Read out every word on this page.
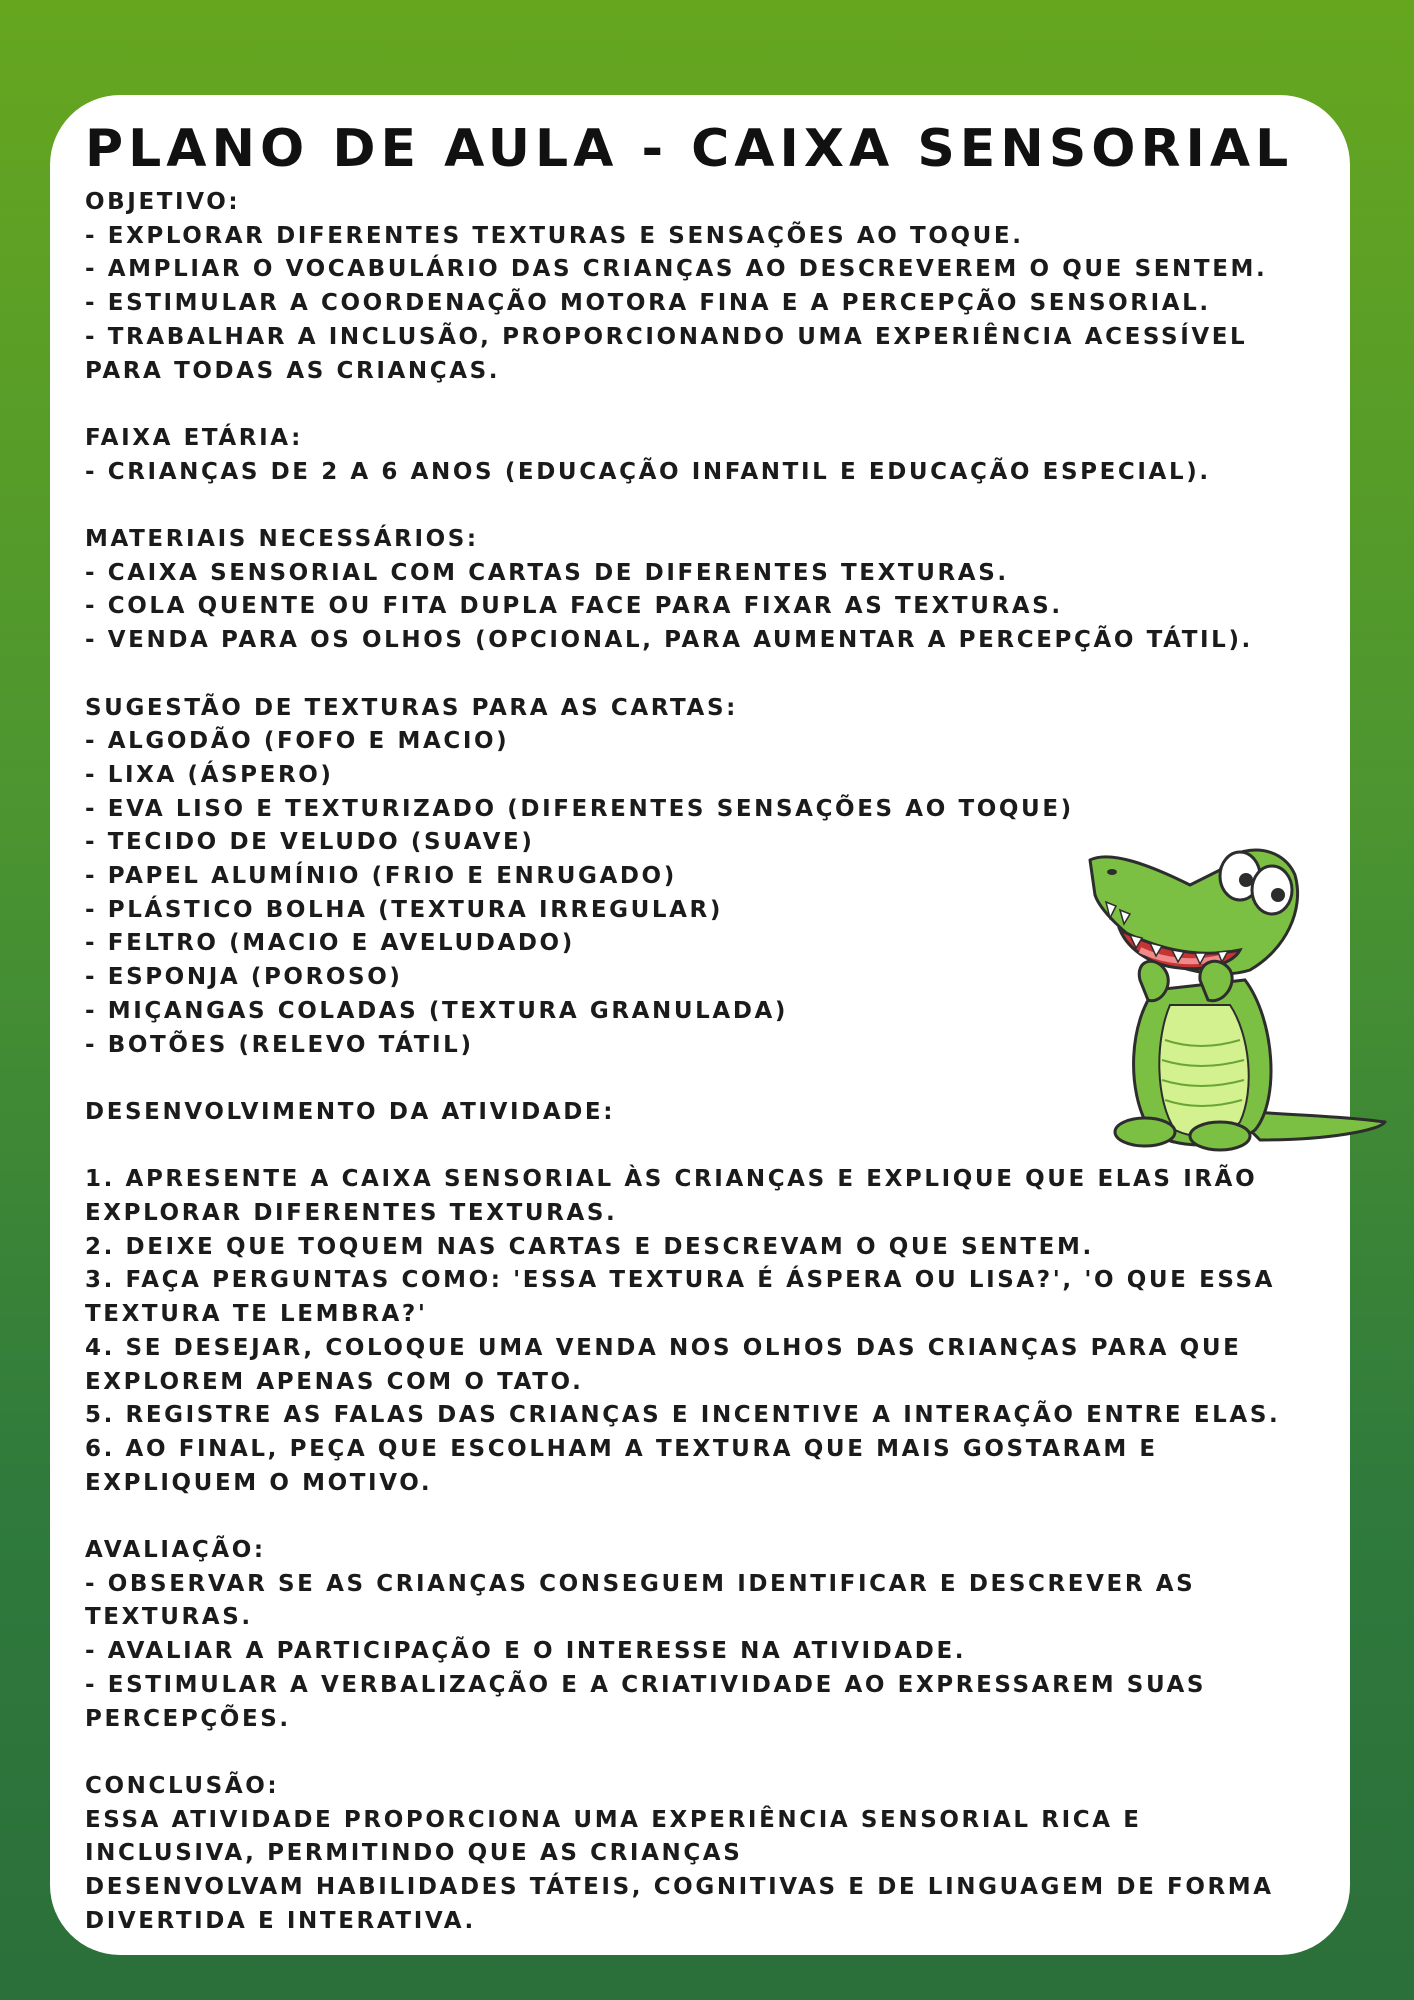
PLANO DE AULA - CAIXA SENSORIAL
OBJETIVO:
- EXPLORAR DIFERENTES TEXTURAS E SENSAÇÕES AO TOQUE.
- AMPLIAR O VOCABULÁRIO DAS CRIANÇAS AO DESCREVEREM O QUE SENTEM.
- ESTIMULAR A COORDENAÇÃO MOTORA FINA E A PERCEPÇÃO SENSORIAL.
- TRABALHAR A INCLUSÃO, PROPORCIONANDO UMA EXPERIÊNCIA ACESSÍVEL
PARA TODAS AS CRIANÇAS.
FAIXA ETÁRIA:
- CRIANÇAS DE 2 A 6 ANOS (EDUCAÇÃO INFANTIL E EDUCAÇÃO ESPECIAL).
MATERIAIS NECESSÁRIOS:
- CAIXA SENSORIAL COM CARTAS DE DIFERENTES TEXTURAS.
- COLA QUENTE OU FITA DUPLA FACE PARA FIXAR AS TEXTURAS.
- VENDA PARA OS OLHOS (OPCIONAL, PARA AUMENTAR A PERCEPÇÃO TÁTIL).
SUGESTÃO DE TEXTURAS PARA AS CARTAS:
- ALGODÃO (FOFO E MACIO)
- LIXA (ÁSPERO)
- EVA LISO E TEXTURIZADO (DIFERENTES SENSAÇÕES AO TOQUE)
- TECIDO DE VELUDO (SUAVE)
- PAPEL ALUMÍNIO (FRIO E ENRUGADO)
- PLÁSTICO BOLHA (TEXTURA IRREGULAR)
- FELTRO (MACIO E AVELUDADO)
- ESPONJA (POROSO)
- MIÇANGAS COLADAS (TEXTURA GRANULADA)
- BOTÕES (RELEVO TÁTIL)
DESENVOLVIMENTO DA ATIVIDADE:
1. APRESENTE A CAIXA SENSORIAL ÀS CRIANÇAS E EXPLIQUE QUE ELAS IRÃO
EXPLORAR DIFERENTES TEXTURAS.
2. DEIXE QUE TOQUEM NAS CARTAS E DESCREVAM O QUE SENTEM.
3. FAÇA PERGUNTAS COMO: 'ESSA TEXTURA É ÁSPERA OU LISA?', 'O QUE ESSA
TEXTURA TE LEMBRA?'
4. SE DESEJAR, COLOQUE UMA VENDA NOS OLHOS DAS CRIANÇAS PARA QUE
EXPLOREM APENAS COM O TATO.
5. REGISTRE AS FALAS DAS CRIANÇAS E INCENTIVE A INTERAÇÃO ENTRE ELAS.
6. AO FINAL, PEÇA QUE ESCOLHAM A TEXTURA QUE MAIS GOSTARAM E
EXPLIQUEM O MOTIVO.
AVALIAÇÃO:
- OBSERVAR SE AS CRIANÇAS CONSEGUEM IDENTIFICAR E DESCREVER AS
TEXTURAS.
- AVALIAR A PARTICIPAÇÃO E O INTERESSE NA ATIVIDADE.
- ESTIMULAR A VERBALIZAÇÃO E A CRIATIVIDADE AO EXPRESSAREM SUAS
PERCEPÇÕES.
CONCLUSÃO:
ESSA ATIVIDADE PROPORCIONA UMA EXPERIÊNCIA SENSORIAL RICA E
INCLUSIVA, PERMITINDO QUE AS CRIANÇAS
DESENVOLVAM HABILIDADES TÁTEIS, COGNITIVAS E DE LINGUAGEM DE FORMA
DIVERTIDA E INTERATIVA.
